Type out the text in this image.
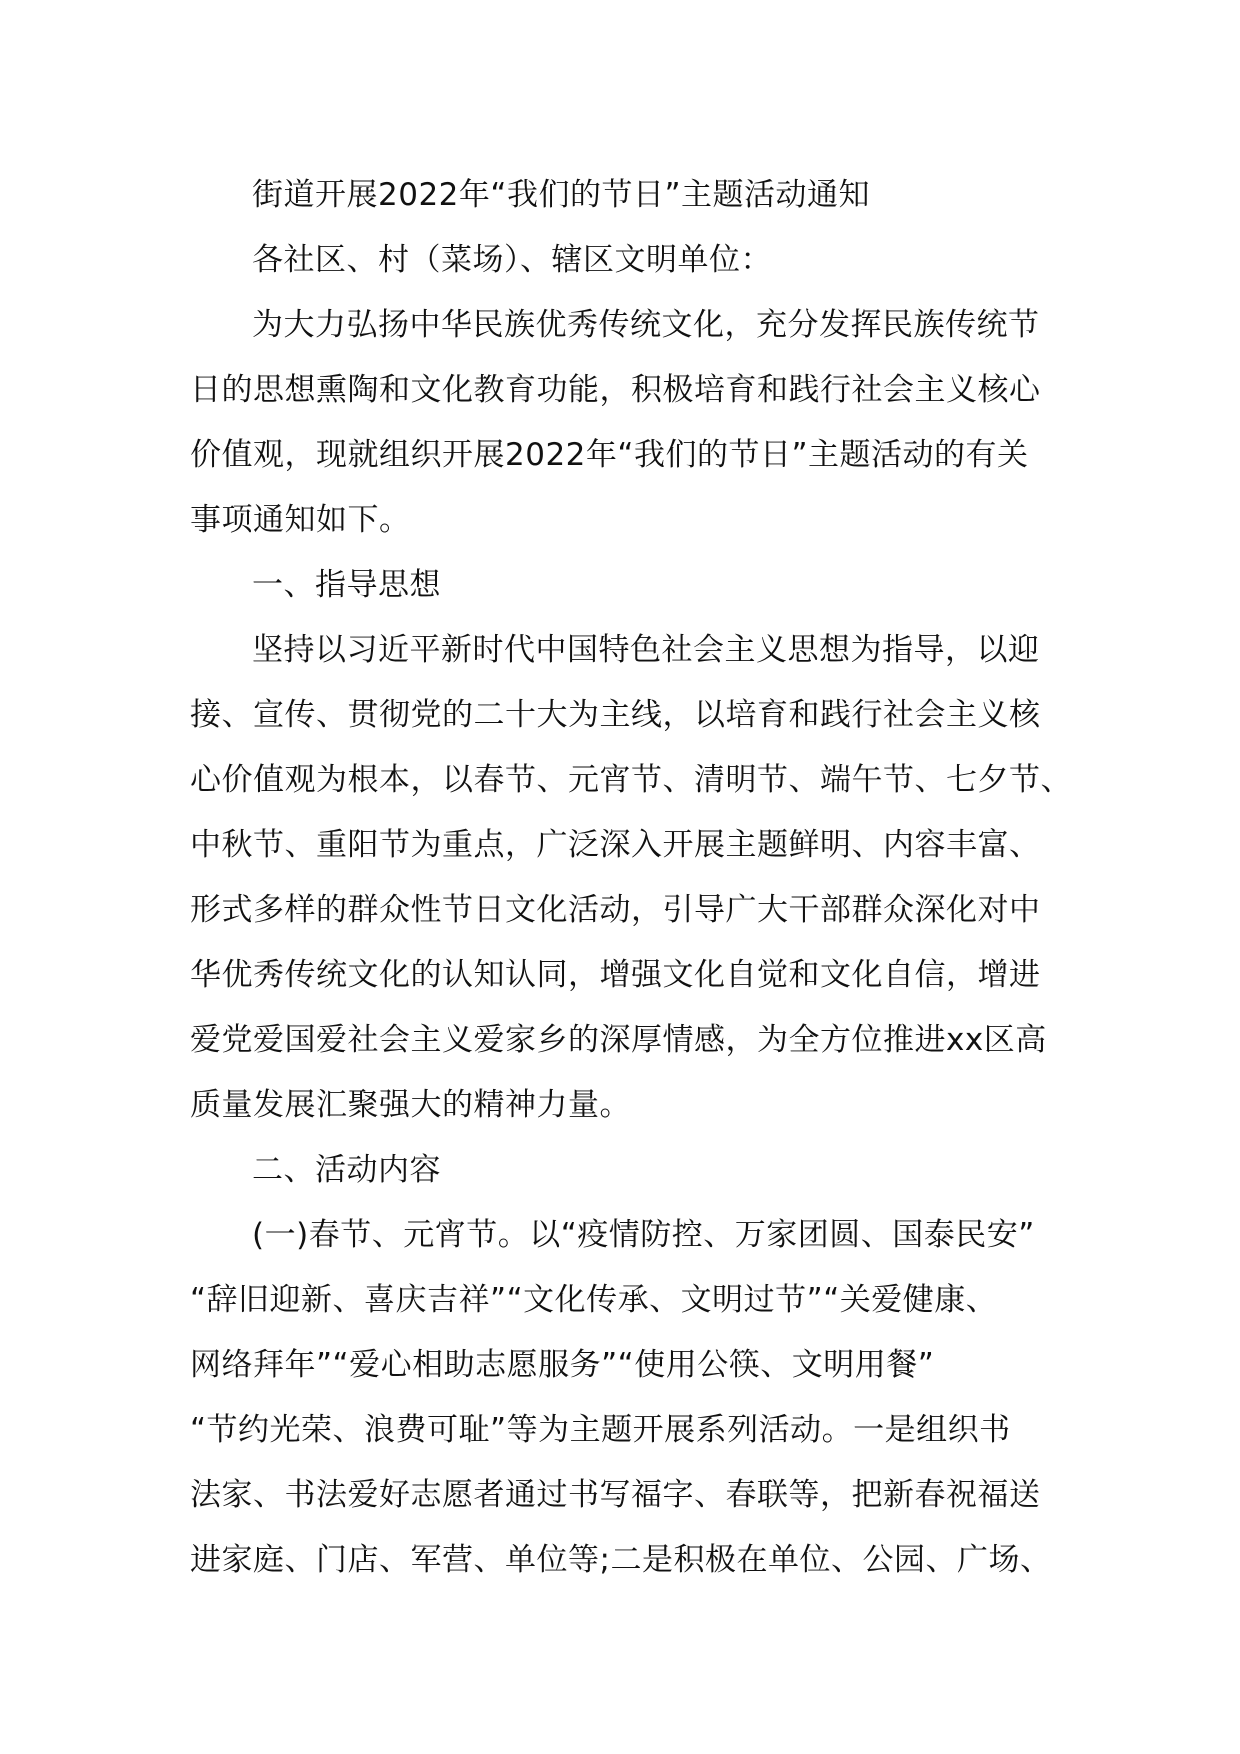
街道开展2022年“我们的节日”主题活动通知
各社区、村（菜场）、辖区文明单位：
为大力弘扬中华民族优秀传统文化，充分发挥民族传统节
日的思想熏陶和文化教育功能，积极培育和践行社会主义核心
价值观，现就组织开展2022年“我们的节日”主题活动的有关
事项通知如下。
一、指导思想
坚持以习近平新时代中国特色社会主义思想为指导，以迎
接、宣传、贯彻党的二十大为主线，以培育和践行社会主义核
心价值观为根本，以春节、元宵节、清明节、端午节、七夕节、
中秋节、重阳节为重点，广泛深入开展主题鲜明、内容丰富、
形式多样的群众性节日文化活动，引导广大干部群众深化对中
华优秀传统文化的认知认同，增强文化自觉和文化自信，增进
爱党爱国爱社会主义爱家乡的深厚情感，为全方位推进xx区高
质量发展汇聚强大的精神力量。
二、活动内容
(一)春节、元宵节。以“疫情防控、万家团圆、国泰民安”
“辞旧迎新、喜庆吉祥”“文化传承、文明过节”“关爱健康、
网络拜年”“爱心相助志愿服务”“使用公筷、文明用餐”
“节约光荣、浪费可耻”等为主题开展系列活动。一是组织书
法家、书法爱好志愿者通过书写福字、春联等，把新春祝福送
进家庭、门店、军营、单位等;二是积极在单位、公园、广场、
